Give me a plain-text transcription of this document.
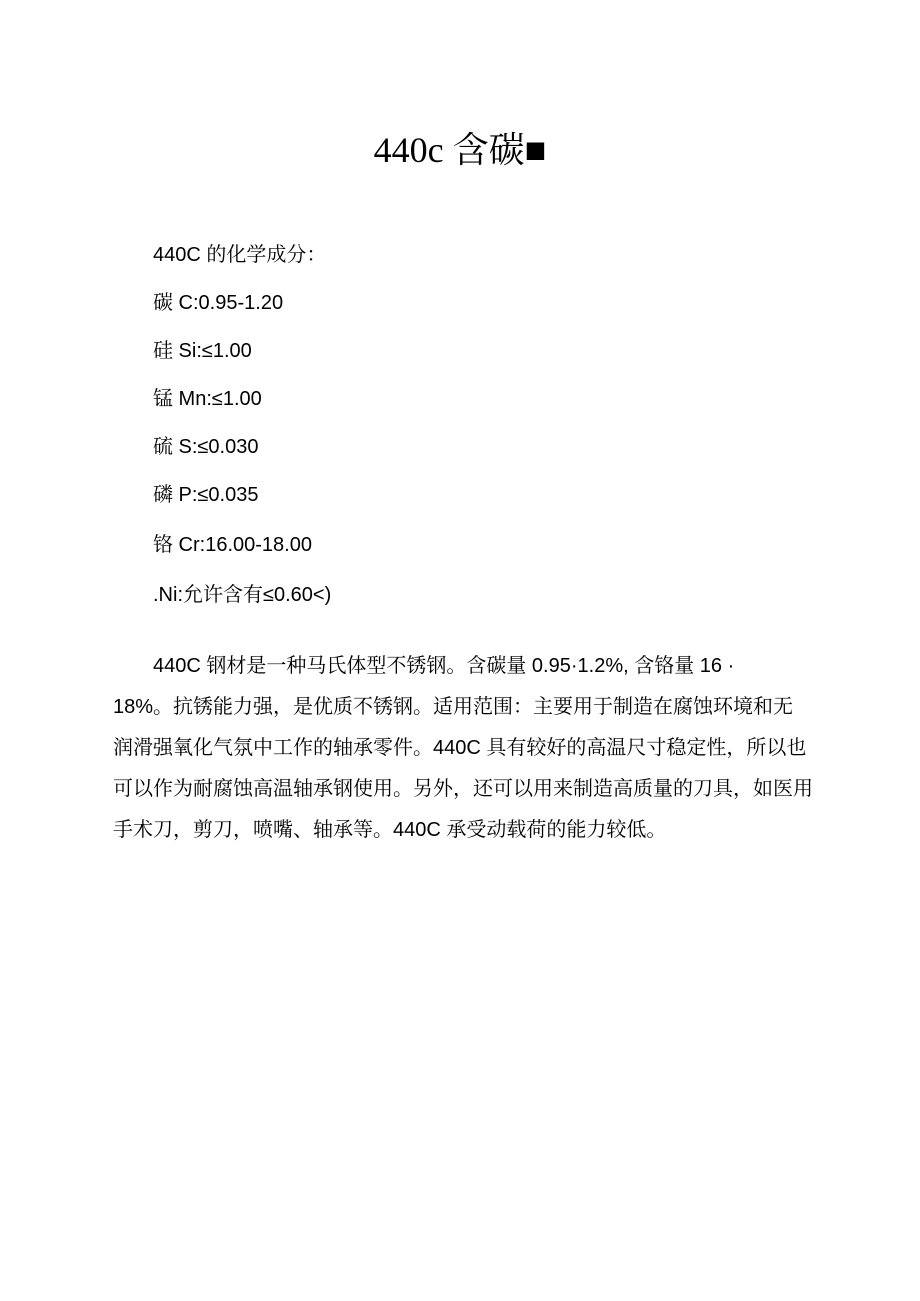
440c 含碳■
440C 的化学成分：
碳 C:0.95-1.20
硅 Si:≤1.00
锰 Mn:≤1.00
硫 S:≤0.030
磷 P:≤0.035
铬 Cr:16.00-18.00
.Ni:允许含有≤0.60<)
440C 钢材是一种马氏体型不锈钢。含碳量 0.95·1.2%, 含铬量 16 ·
18%。抗锈能力强，是优质不锈钢。适用范围：主要用于制造在腐蚀环境和无
润滑强氧化气氛中工作的轴承零件。440C 具有较好的高温尺寸稳定性，所以也
可以作为耐腐蚀高温轴承钢使用。另外，还可以用来制造高质量的刀具，如医用
手术刀，剪刀，喷嘴、轴承等。440C 承受动载荷的能力较低。
